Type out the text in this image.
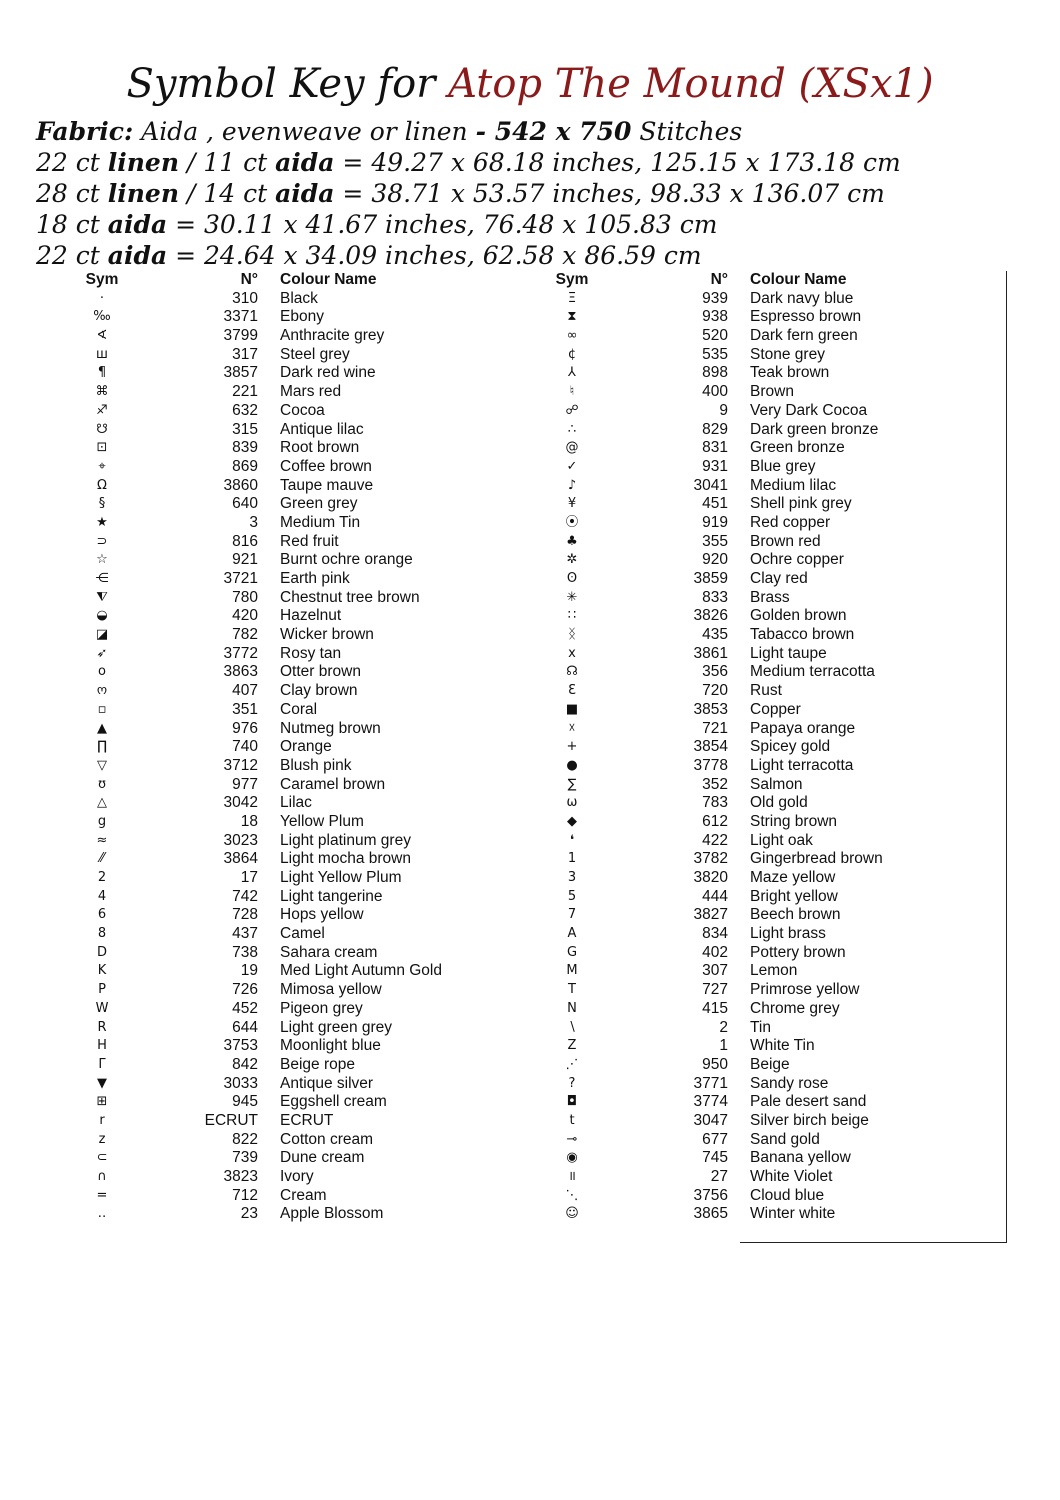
Symbol Key for Atop The Mound (XSx1)
Fabric: Aida , evenweave or linen - 542 x 750 Stitches
22 ct linen / 11 ct aida = 49.27 x 68.18 inches, 125.15 x 173.18 cm
28 ct linen / 14 ct aida = 38.71 x 53.57 inches, 98.33 x 136.07 cm
18 ct aida = 30.11 x 41.67 inches, 76.48 x 105.83 cm
22 ct aida = 24.64 x 34.09 inches, 62.58 x 86.59 cm
Sym	N° Colour Name
·	310 Black
‰	3371 Ebony
∢	3799 Anthracite grey
ш	317 Steel grey
¶	3857 Dark red wine
⌘	221 Mars red
♐	632 Cocoa
☋	315 Antique lilac
⊡	839 Root brown
⌖	869 Coffee brown
Ω	3860 Taupe mauve
§	640 Green grey
★	3 Medium Tin
⊃	816 Red fruit
☆	921 Burnt ochre orange
⋲	3721 Earth pink
⧨	780 Chestnut tree brown
◒	420 Hazelnut
◪	782 Wicker brown
➶	3772 Rosy tan
o	3863 Otter brown
ო	407 Clay brown
▫	351 Coral
▲	976 Nutmeg brown
∏	740 Orange
▽	3712 Blush pink
ʊ	977 Caramel brown
△	3042 Lilac
g	18 Yellow Plum
≈	3023 Light platinum grey
⁄⁄	3864 Light mocha brown
2	17 Light Yellow Plum
4	742 Light tangerine
6	728 Hops yellow
8	437 Camel
D	738 Sahara cream
K	19 Med Light Autumn Gold
P	726 Mimosa yellow
W	452 Pigeon grey
R	644 Light green grey
H	3753 Moonlight blue
Γ	842 Beige rope
▼	3033 Antique silver
⊞	945 Eggshell cream
r	ECRUT ECRUT
z	822 Cotton cream
⊂	739 Dune cream
∩	3823 Ivory
=	712 Cream
‥	23 Apple Blossom
Sym	N° Colour Name
Ξ	939 Dark navy blue
⧗	938 Espresso brown
∞	520 Dark fern green
¢	535 Stone grey
⅄	898 Teak brown
♮	400 Brown
☍	9 Very Dark Cocoa
∴	829 Dark green bronze
@	831 Green bronze
✓	931 Blue grey
♪	3041 Medium lilac
¥	451 Shell pink grey
⦿	919 Red copper
♣	355 Brown red
✲	920 Ochre copper
ʘ	3859 Clay red
✳	833 Brass
∷	3826 Golden brown
ᛝ	435 Tabacco brown
x	3861 Light taupe
☊	356 Medium terracotta
Ɛ	720 Rust
■	3853 Copper
☓	721 Papaya orange
+	3854 Spicey gold
●	3778 Light terracotta
∑	352 Salmon
ω	783 Old gold
◆	612 String brown
❛	422 Light oak
1	3782 Gingerbread brown
3	3820 Maze yellow
5	444 Bright yellow
7	3827 Beech brown
A	834 Light brass
G	402 Pottery brown
M	307 Lemon
T	727 Primrose yellow
N	415 Chrome grey
∖	2 Tin
Z	1 White Tin
⋰	950 Beige
?	3771 Sandy rose
◘	3774 Pale desert sand
t	3047 Silver birch beige
⊸	677 Sand gold
◉	745 Banana yellow
॥	27 White Violet
⋱	3756 Cloud blue
☺	3865 Winter white
